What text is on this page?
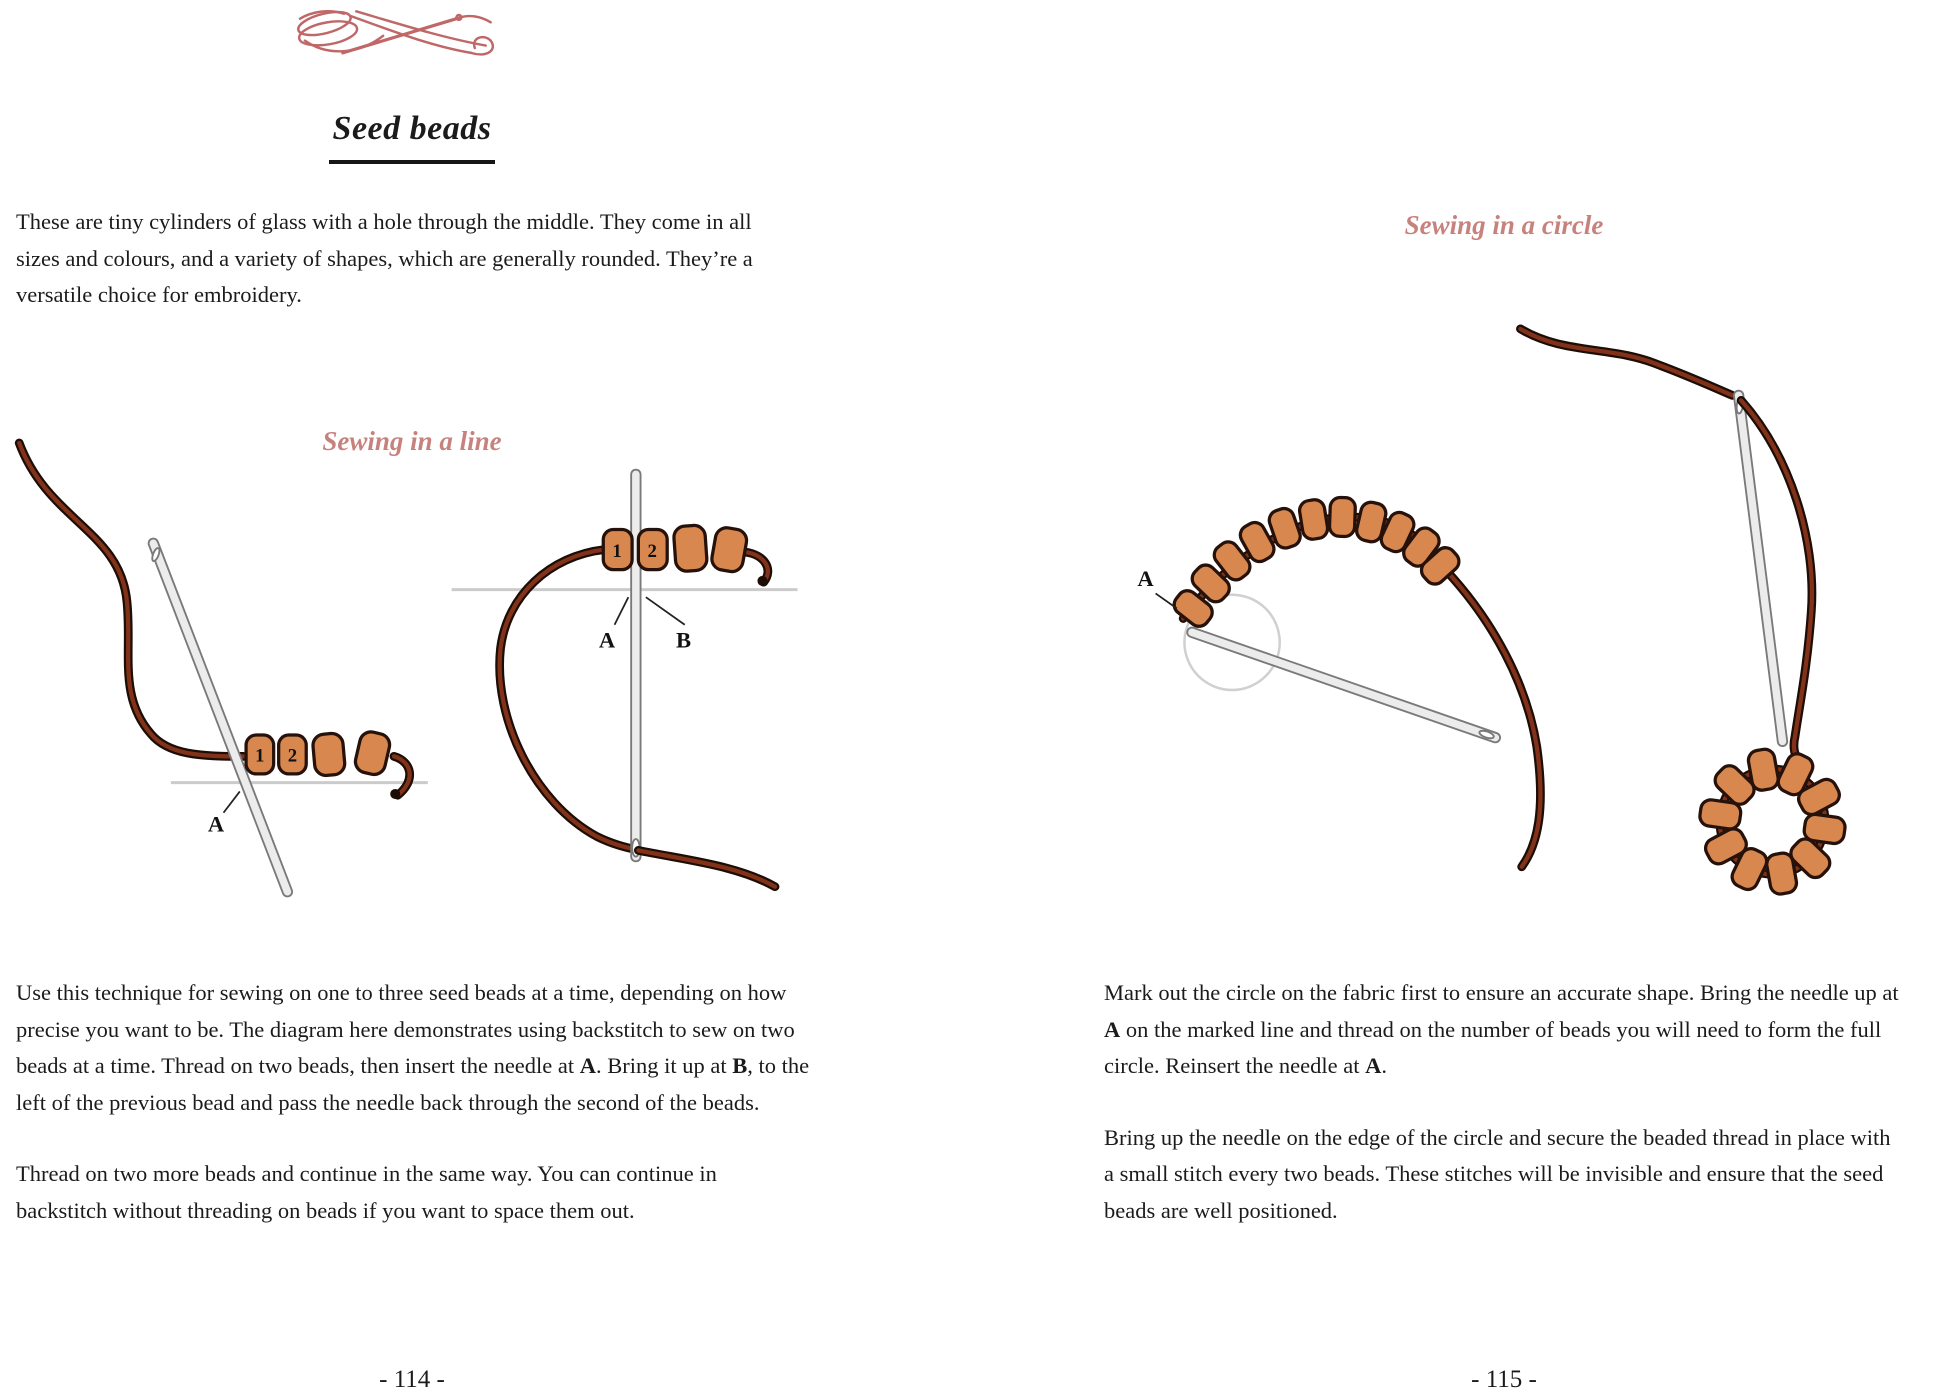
Seed beads

These are tiny cylinders of glass with a hole through the middle. They come in all sizes and colours, and a variety of shapes, which are generally rounded. They’re a versatile choice for embroidery.

Sewing in a line
1 2
A
1 2
A	B

Use this technique for sewing on one to three seed beads at a time, depending on how precise you want to be. The diagram here demonstrates using backstitch to sew on two beads at a time. Thread on two beads, then insert the needle at A. Bring it up at B, to the left of the previous bead and pass the needle back through the second of the beads.

Thread on two more beads and continue in the same way. You can continue in backstitch without threading on beads if you want to space them out.

- 114 -
Sewing in a circle
A

Mark out the circle on the fabric first to ensure an accurate shape. Bring the needle up at A on the marked line and thread on the number of beads you will need to form the full circle. Reinsert the needle at A.

Bring up the needle on the edge of the circle and secure the beaded thread in place with a small stitch every two beads. These stitches will be invisible and ensure that the seed beads are well positioned.

- 115 -
